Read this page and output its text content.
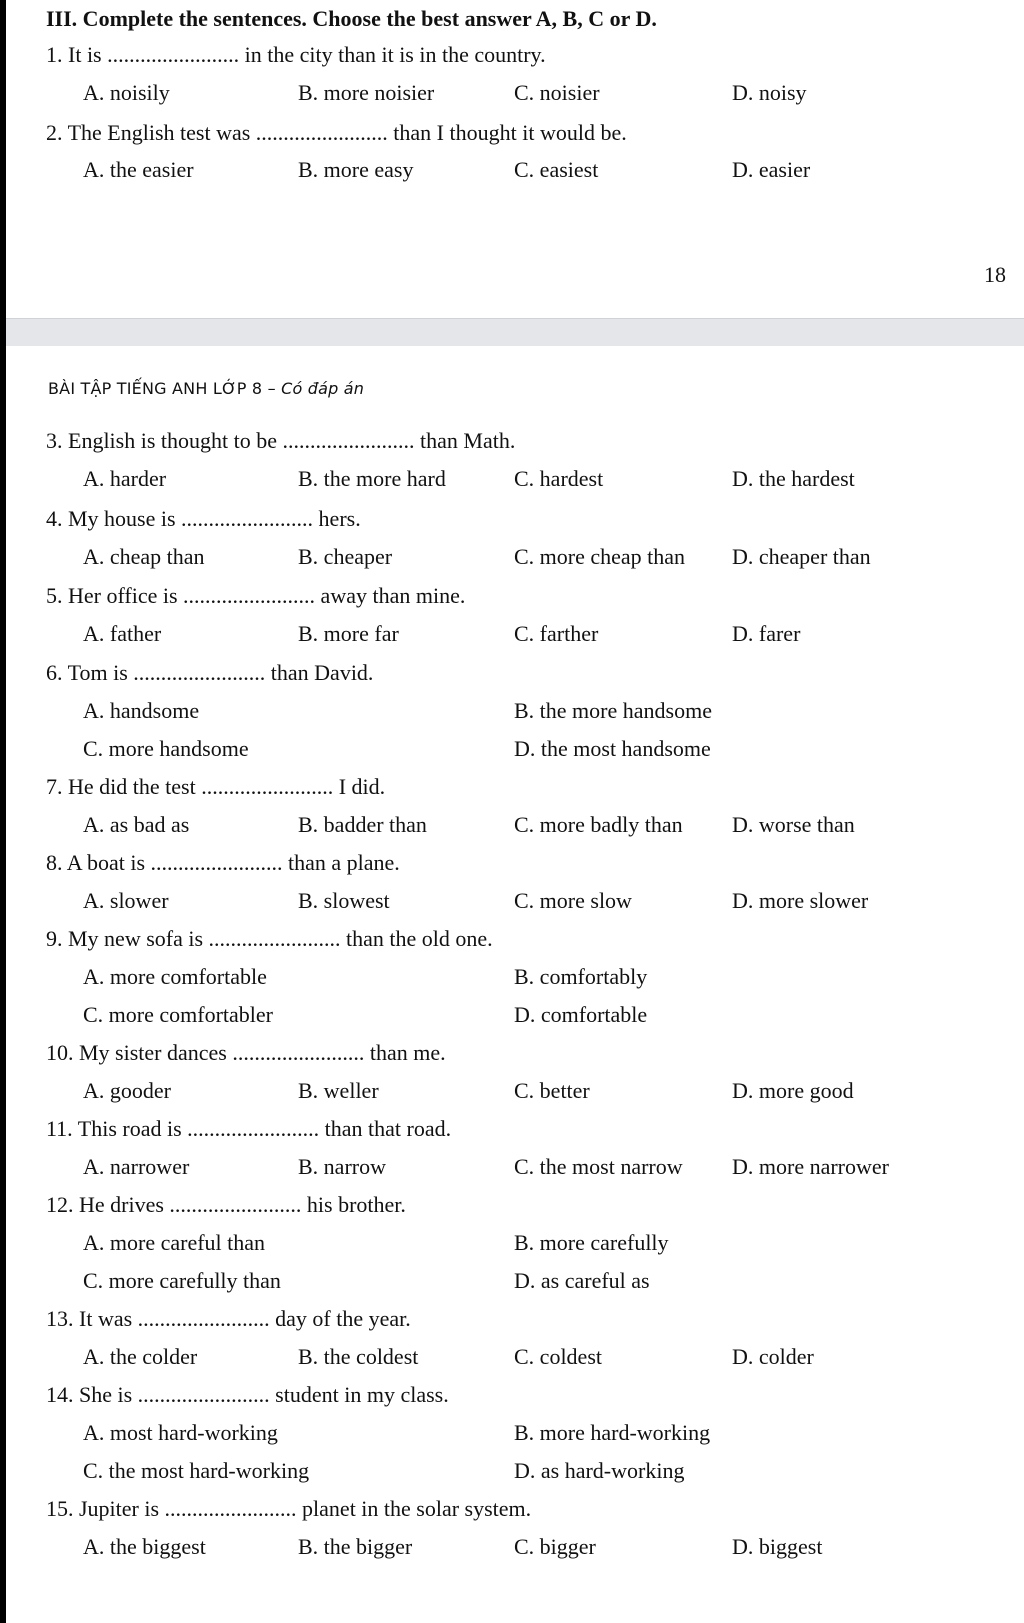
III. Complete the sentences. Choose the best answer A, B, C or D.
1. It is ........................ in the city than it is in the country.
A. noisily	B. more noisier	C. noisier	D. noisy
2. The English test was ........................ than I thought it would be.
A. the easier	B. more easy	C. easiest	D. easier
18
BÀI TẬP TIẾNG ANH LỚP 8 – Có đáp án
3. English is thought to be ........................ than Math.
A. harder	B. the more hard	C. hardest	D. the hardest
4. My house is ........................ hers.
A. cheap than	B. cheaper	C. more cheap than D. cheaper than
5. Her office is ........................ away than mine.
A. father	B. more far	C. farther	D. farer
6. Tom is ........................ than David.
A. handsome	B. the more handsome
C. more handsome	D. the most handsome
7. He did the test ........................ I did.
A. as bad as	B. badder than	C. more badly than D. worse than
8. A boat is ........................ than a plane.
A. slower	B. slowest	C. more slow	D. more slower
9. My new sofa is ........................ than the old one.
A. more comfortable	B. comfortably
C. more comfortabler	D. comfortable
10. My sister dances ........................ than me.
A. gooder	B. weller	C. better	D. more good
11. This road is ........................ than that road.
A. narrower	B. narrow	C. the most narrow D. more narrower
12. He drives ........................ his brother.
A. more careful than	B. more carefully
C. more carefully than	D. as careful as
13. It was ........................ day of the year.
A. the colder	B. the coldest	C. coldest	D. colder
14. She is ........................ student in my class.
A. most hard-working	B. more hard-working
C. the most hard-working	D. as hard-working
15. Jupiter is ........................ planet in the solar system.
A. the biggest	B. the bigger	C. bigger	D. biggest
